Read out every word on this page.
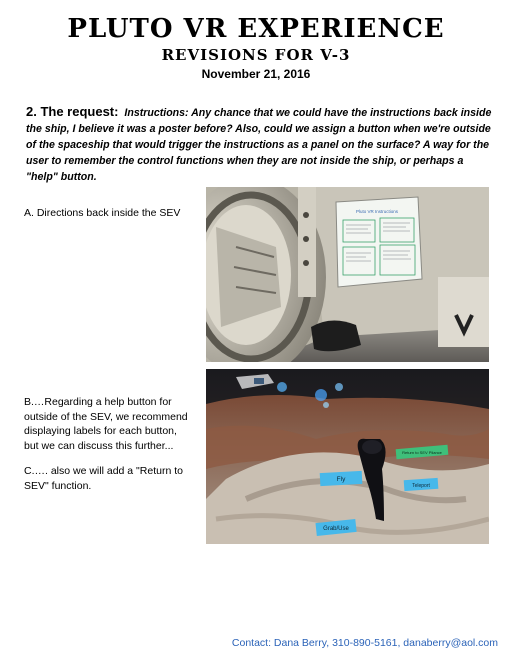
PLUTO VR EXPERIENCE
REVISIONS FOR V-3
November 21, 2016
2. The request: Instructions: Any chance that we could have the instructions back inside the ship, I believe it was a poster before? Also, could we assign a button when we're outside of the spaceship that would trigger the instructions as a panel on the surface? A way for the user to remember the control functions when they are not inside the ship, or perhaps a "help" button.
A. Directions back inside the SEV
B.…Regarding a help button for outside of the SEV, we recommend displaying labels for each button, but we can discuss this further...
C.…. also we will add a "Return to SEV" function.
Pluto VR Instructions
Fly
Return to SEV Pliance
Teleport
Grab/Use
Contact: Dana Berry, 310-890-5161, danaberry@aol.com
